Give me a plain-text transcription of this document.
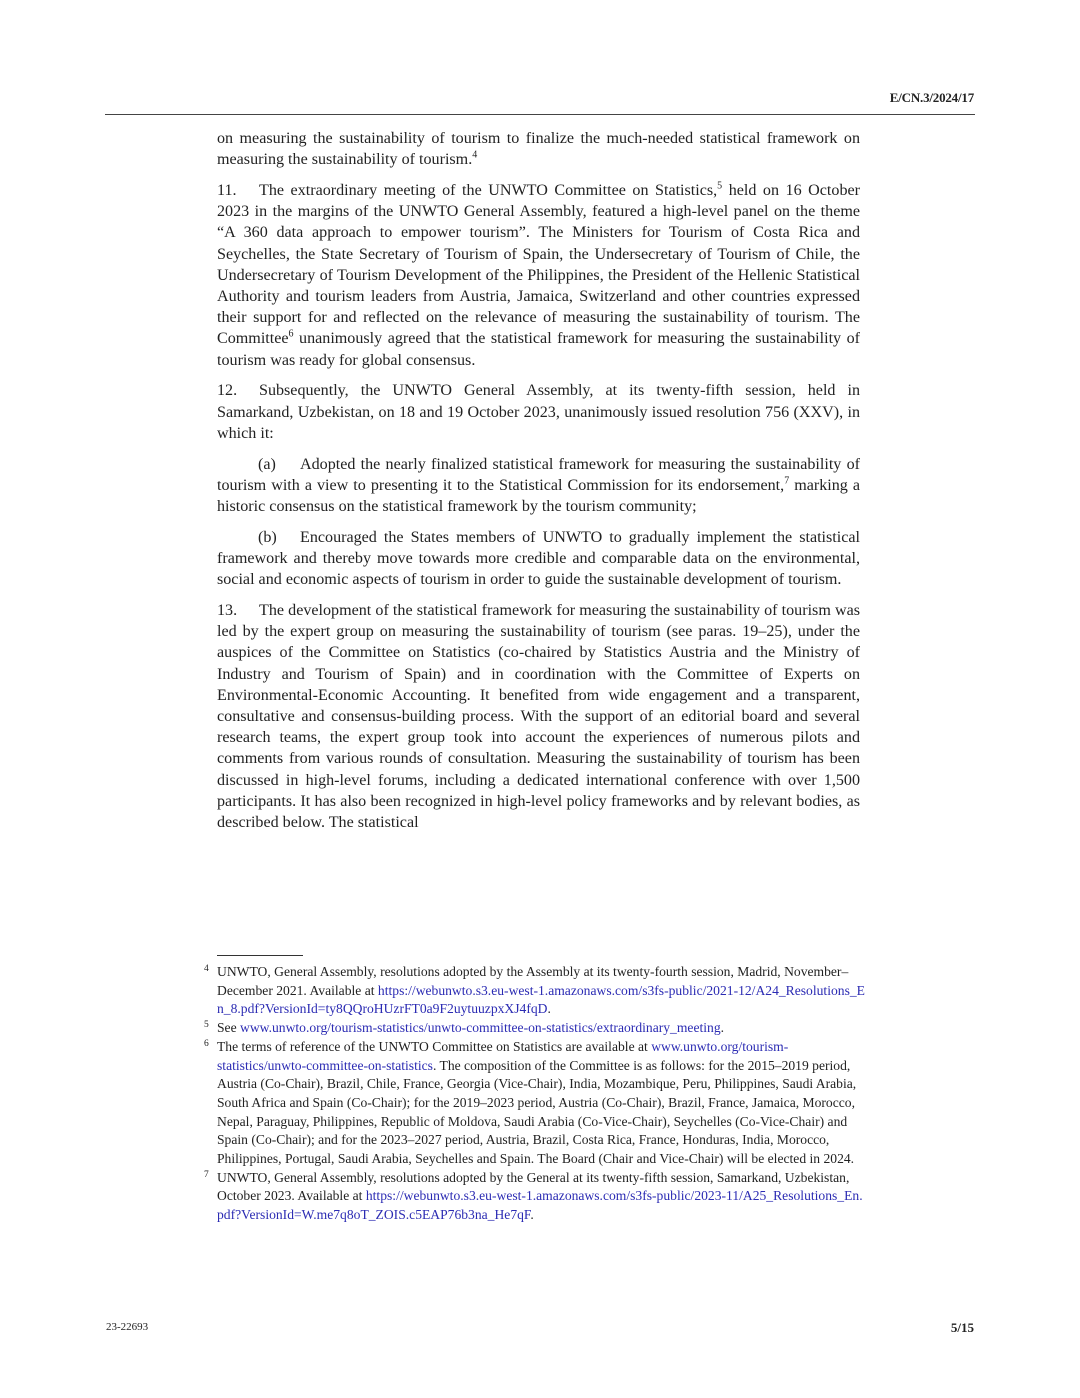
E/CN.3/2024/17

on measuring the sustainability of tourism to finalize the much-needed statistical framework on measuring the sustainability of tourism.$^4$

11. The extraordinary meeting of the UNWTO Committee on Statistics,$^5$ held on 16 October 2023 in the margins of the UNWTO General Assembly, featured a high-level panel on the theme “A 360 data approach to empower tourism”. The Ministers for Tourism of Costa Rica and Seychelles, the State Secretary of Tourism of Spain, the Undersecretary of Tourism of Chile, the Undersecretary of Tourism Development of the Philippines, the President of the Hellenic Statistical Authority and tourism leaders from Austria, Jamaica, Switzerland and other countries expressed their support for and reflected on the relevance of measuring the sustainability of tourism. The Committee$^6$ unanimously agreed that the statistical framework for measuring the sustainability of tourism was ready for global consensus.

12. Subsequently, the UNWTO General Assembly, at its twenty-fifth session, held in Samarkand, Uzbekistan, on 18 and 19 October 2023, unanimously issued resolution 756 (XXV), in which it:

(a) Adopted the nearly finalized statistical framework for measuring the sustainability of tourism with a view to presenting it to the Statistical Commission for its endorsement,$^7$ marking a historic consensus on the statistical framework by the tourism community;

(b) Encouraged the States members of UNWTO to gradually implement the statistical framework and thereby move towards more credible and comparable data on the environmental, social and economic aspects of tourism in order to guide the sustainable development of tourism.

13. The development of the statistical framework for measuring the sustainability of tourism was led by the expert group on measuring the sustainability of tourism (see paras. 19–25), under the auspices of the Committee on Statistics (co-chaired by Statistics Austria and the Ministry of Industry and Tourism of Spain) and in coordination with the Committee of Experts on Environmental-Economic Accounting. It benefited from wide engagement and a transparent, consultative and consensus-building process. With the support of an editorial board and several research teams, the expert group took into account the experiences of numerous pilots and comments from various rounds of consultation. Measuring the sustainability of tourism has been discussed in high-level forums, including a dedicated international conference with over 1,500 participants. It has also been recognized in high-level policy frameworks and by relevant bodies, as described below. The statistical

4 UNWTO, General Assembly, resolutions adopted by the Assembly at its twenty-fourth session, Madrid, November–December 2021. Available at https://webunwto.s3.eu-west-1.amazonaws.com/s3fs-public/2021-12/A24_Resolutions_En_8.pdf?VersionId=ty8QQroHUzrFT0a9F2uytuuzpxXJ4fqD.

5 See www.unwto.org/tourism-statistics/unwto-committee-on-statistics/extraordinary_meeting.

6 The terms of reference of the UNWTO Committee on Statistics are available at www.unwto.org/tourism-statistics/unwto-committee-on-statistics. The composition of the Committee is as follows: for the 2015–2019 period, Austria (Co-Chair), Brazil, Chile, France, Georgia (Vice-Chair), India, Mozambique, Peru, Philippines, Saudi Arabia, South Africa and Spain (Co-Chair); for the 2019–2023 period, Austria (Co-Chair), Brazil, France, Jamaica, Morocco, Nepal, Paraguay, Philippines, Republic of Moldova, Saudi Arabia (Co-Vice-Chair), Seychelles (Co-Vice-Chair) and Spain (Co-Chair); and for the 2023–2027 period, Austria, Brazil, Costa Rica, France, Honduras, India, Morocco, Philippines, Portugal, Saudi Arabia, Seychelles and Spain. The Board (Chair and Vice-Chair) will be elected in 2024.

7 UNWTO, General Assembly, resolutions adopted by the General at its twenty-fifth session, Samarkand, Uzbekistan, October 2023. Available at https://webunwto.s3.eu-west-1.amazonaws.com/s3fs-public/2023-11/A25_Resolutions_En.pdf?VersionId=W.me7q8oT_ZOIS.c5EAP76b3na_He7qF.

23-22693	5/15
